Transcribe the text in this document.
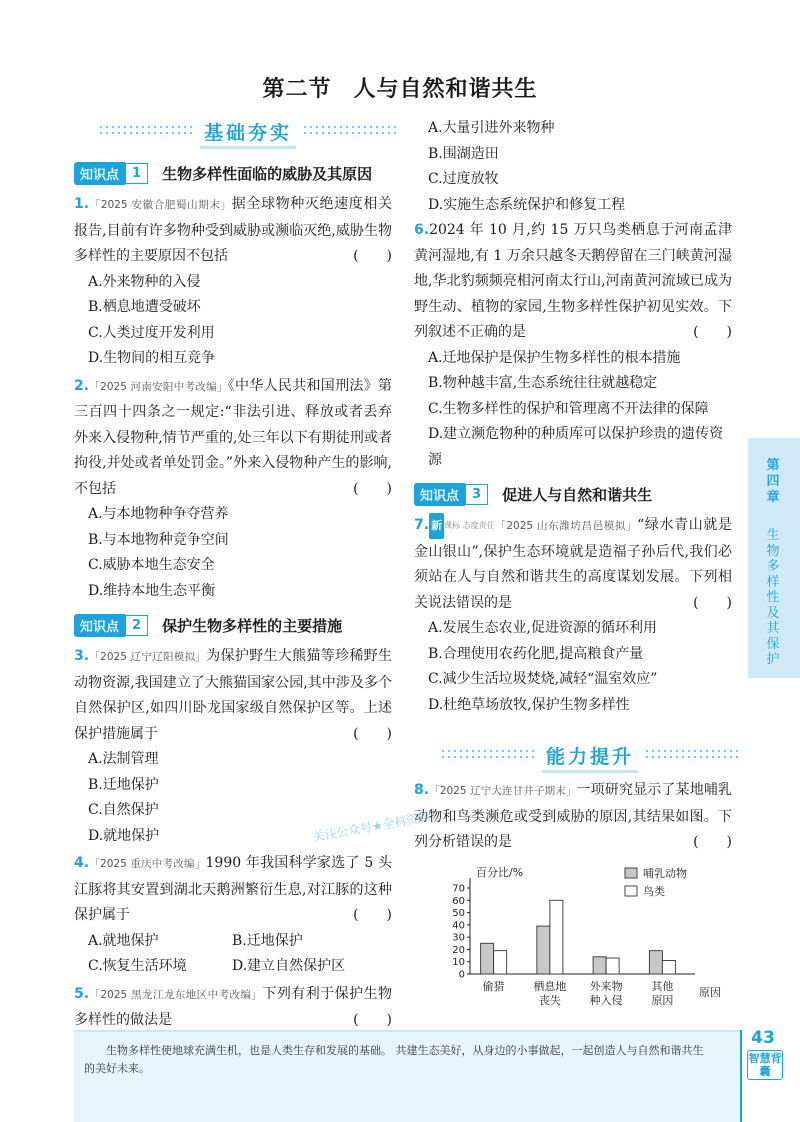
第二节 人与自然和谐共生
基础夯实
知识点	1	生物多样性面临的威胁及其原因
1.「2025 安徽合肥蜀山期末」据全球物种灭绝速度相关报告,目前有许多物种受到威胁或濒临灭绝,威胁生物多样性的主要原因不包括	(　　)
A.外来物种的入侵
B.栖息地遭受破坏
C.人类过度开发利用
D.生物间的相互竞争
2.「2025 河南安阳中考改编」《中华人民共和国刑法》第三百四十四条之一规定:“非法引进、释放或者丢弃外来入侵物种,情节严重的,处三年以下有期徒刑或者拘役,并处或者单处罚金。”外来入侵物种产生的影响,不包括	(　　)
A.与本地物种争夺营养
B.与本地物种竞争空间
C.威胁本地生态安全
D.维持本地生态平衡
知识点	2	保护生物多样性的主要措施
3.「2025 辽宁辽阳模拟」为保护野生大熊猫等珍稀野生动物资源,我国建立了大熊猫国家公园,其中涉及多个自然保护区,如四川卧龙国家级自然保护区等。上述保护措施属于	(　　)
A.法制管理
B.迁地保护
C.自然保护
D.就地保护
4.「2025 重庆中考改编」1990 年我国科学家选了 5 头江豚将其安置到湖北天鹅洲繁衍生息,对江豚的这种保护属于	(　　)
A.就地保护	B.迁地保护
C.恢复生活环境	D.建立自然保护区
5.「2025 黑龙江龙东地区中考改编」下列有利于保护生物多样性的做法是	(　　)
A.大量引进外来物种
B.围湖造田
C.过度放牧
D.实施生态系统保护和修复工程
6.2024 年 10 月,约 15 万只鸟类栖息于河南孟津黄河湿地,有 1 万余只越冬天鹅停留在三门峡黄河湿地,华北豹频频亮相河南太行山,河南黄河流域已成为野生动、植物的家园,生物多样性保护初见实效。下列叙述不正确的是	(　　)
A.迁地保护是保护生物多样性的根本措施
B.物种越丰富,生态系统往往就越稳定
C.生物多样性的保护和管理离不开法律的保障
D.建立濒危物种的种质库可以保护珍贵的遗传资源
知识点	3	促进人与自然和谐共生
7. 新 课标 态度责任「2025 山东潍坊昌邑模拟」“绿水青山就是金山银山”,保护生态环境就是造福子孙后代,我们必须站在人与自然和谐共生的高度谋划发展。下列相关说法错误的是	(　　)
A.发展生态农业,促进资源的循环利用
B.合理使用农药化肥,提高粮食产量
C.减少生活垃圾焚烧,减轻“温室效应”
D.杜绝草场放牧,保护生物多样性
能力提升
8.「2025 辽宁大连甘井子期末」一项研究显示了某地哺乳动物和鸟类濒危或受到威胁的原因,其结果如图。下列分析错误的是	(　　)
0
10
20
30
40
50
60
70
百分比/%
原因
偷猎	栖息地
丧失
外来物
种入侵
其他
原因
哺乳动物
鸟类
关注公众号★全科资料
第
四
章
生
物
多
样
性
及
其
保
护
生物多样性使地球充满生机，也是人类生存和发展的基础。 共建生态美好，从身边的小事做起，一起创造人与自然和谐共生的美好未来。
43
智慧背囊
